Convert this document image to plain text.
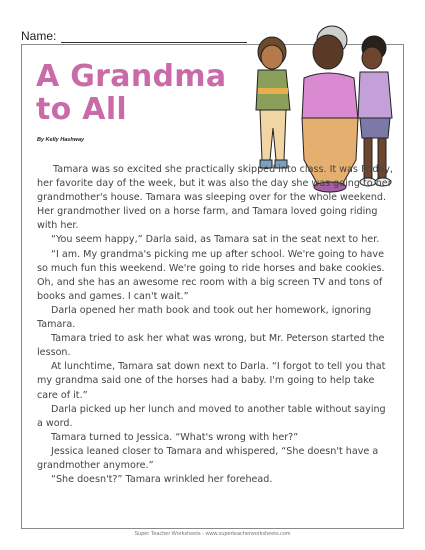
Name:
A Grandma to All
By Kelly Hashway

Tamara was so excited she practically skipped into class. It was Friday, her favorite day of the week, but it was also the day she was going to her grandmother's house. Tamara was sleeping over for the whole weekend. Her grandmother lived on a horse farm, and Tamara loved going riding with her.

“You seem happy,” Darla said, as Tamara sat in the seat next to her.

“I am. My grandma's picking me up after school. We're going to have so much fun this weekend. We're going to ride horses and bake cookies. Oh, and she has an awesome rec room with a big screen TV and tons of books and games. I can't wait.”

Darla opened her math book and took out her homework, ignoring Tamara.

Tamara tried to ask her what was wrong, but Mr. Peterson started the lesson.

At lunchtime, Tamara sat down next to Darla. “I forgot to tell you that my grandma said one of the horses had a baby. I'm going to help take care of it.”

Darla picked up her lunch and moved to another table without saying a word.

Tamara turned to Jessica. “What's wrong with her?”

Jessica leaned closer to Tamara and whispered, “She doesn't have a grandmother anymore.”

“She doesn't?” Tamara wrinkled her forehead.

Super Teacher Worksheets - www.superteacherworksheets.com
